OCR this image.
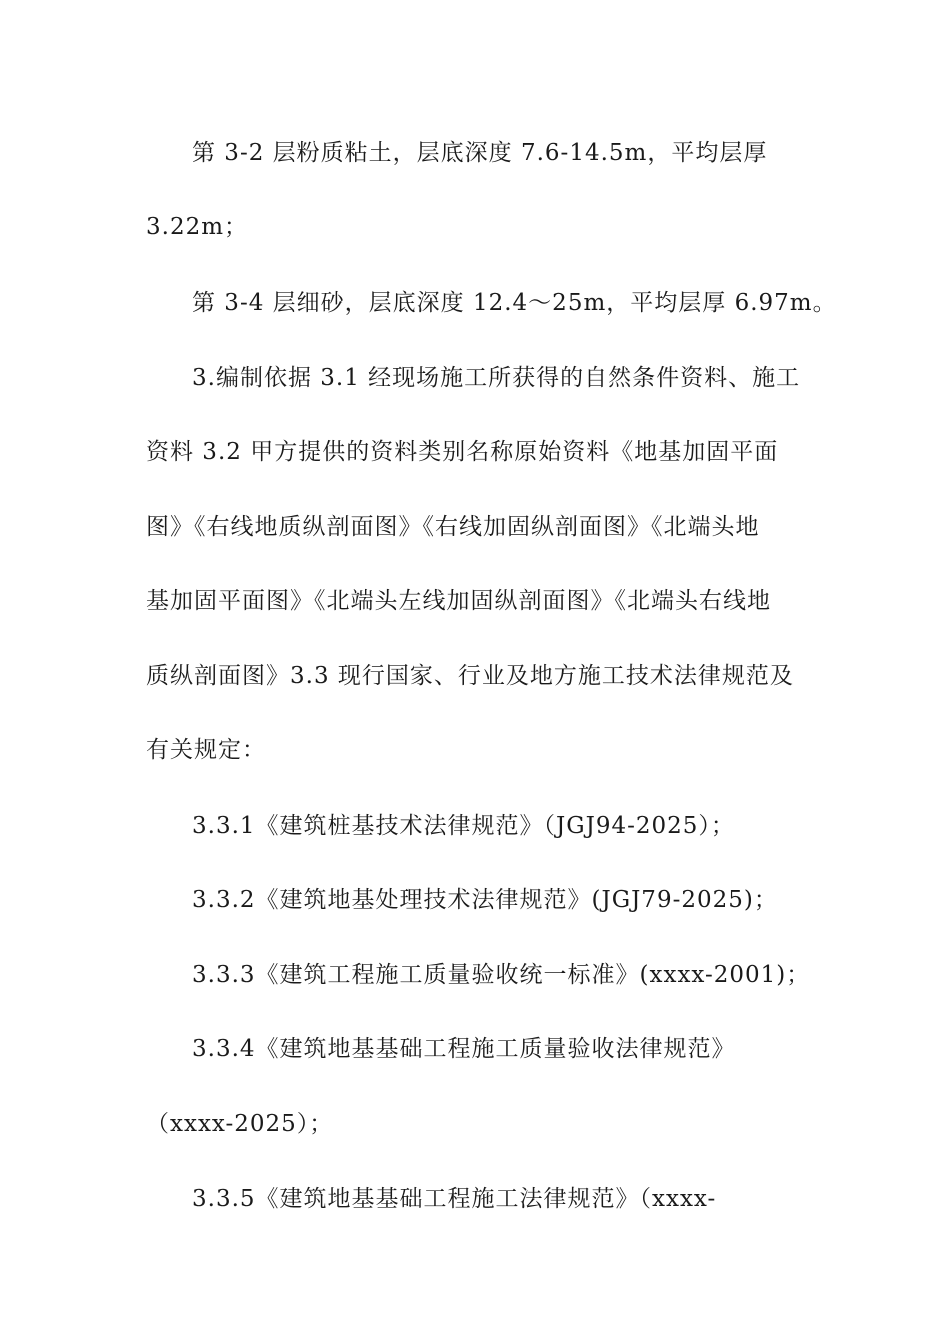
第 3-2 层粉质粘土，层底深度 7.6-14.5m，平均层厚
3.22m；
第 3-4 层细砂，层底深度 12.4～25m，平均层厚 6.97m。
3.编制依据 3.1 经现场施工所获得的自然条件资料、施工
资料 3.2 甲方提供的资料类别名称原始资料《地基加固平面
图》《右线地质纵剖面图》《右线加固纵剖面图》《北端头地
基加固平面图》《北端头左线加固纵剖面图》《北端头右线地
质纵剖面图》3.3 现行国家、行业及地方施工技术法律规范及
有关规定：
3.3.1《建筑桩基技术法律规范》（JGJ94-2025）；
3.3.2《建筑地基处理技术法律规范》(JGJ79-2025)；
3.3.3《建筑工程施工质量验收统一标准》(xxxx-2001)；
3.3.4《建筑地基基础工程施工质量验收法律规范》
（xxxx-2025）；
3.3.5《建筑地基基础工程施工法律规范》（xxxx-
